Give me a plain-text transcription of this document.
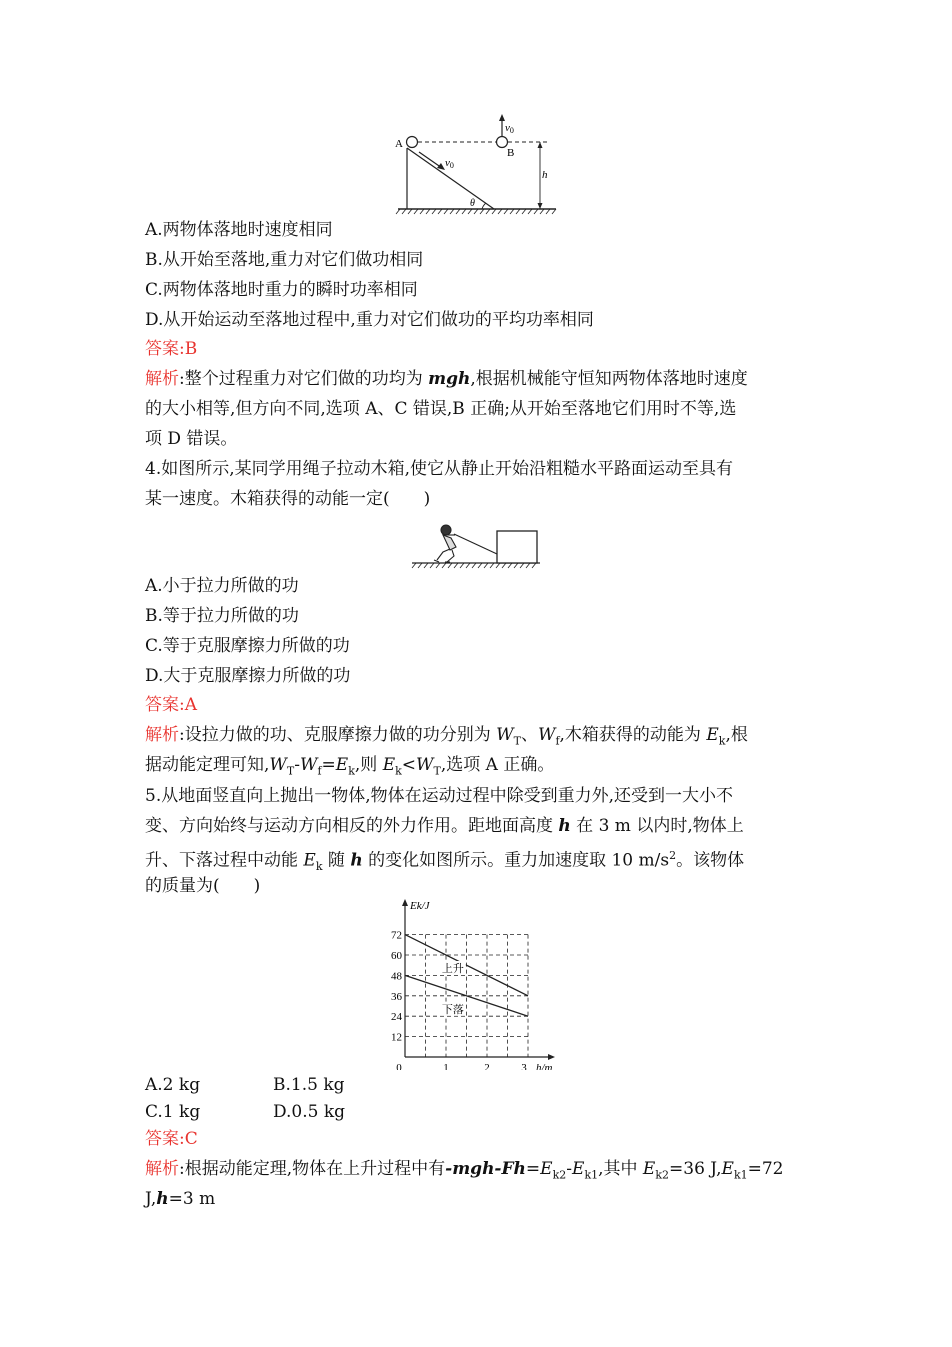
A
B
v0
v0
h
θ
A.两物体落地时速度相同
B.从开始至落地,重力对它们做功相同
C.两物体落地时重力的瞬时功率相同
D.从开始运动至落地过程中,重力对它们做功的平均功率相同
答案:B
解析:整个过程重力对它们做的功均为 mgh,根据机械能守恒知两物体落地时速度
的大小相等,但方向不同,选项 A、C 错误,B 正确;从开始至落地它们用时不等,选
项 D 错误。
4.如图所示,某同学用绳子拉动木箱,使它从静止开始沿粗糙水平路面运动至具有
某一速度。木箱获得的动能一定(　　)
A.小于拉力所做的功
B.等于拉力所做的功
C.等于克服摩擦力所做的功
D.大于克服摩擦力所做的功
答案:A
解析:设拉力做的功、克服摩擦力做的功分别为 $W_T$、$W_f$,木箱获得的动能为 $E_k$,根
据动能定理可知$,W_T-W_f=E_k$,则 $E_k<W_T$,选项 A 正确。
5.从地面竖直向上抛出一物体,物体在运动过程中除受到重力外,还受到一大小不
变、方向始终与运动方向相反的外力作用。距地面高度 h 在 3 m 以内时,物体上
升、下落过程中动能 $E_k$ 随 h 的变化如图所示。重力加速度取 10 $m/s^2$。该物体
的质量为(　　)
12
24
36
48
60
72
0	1	2	3
Ek/J
h/m
上升
下落
A.2 kg	B.1.5 kg
C.1 kg	D.0.5 kg
答案:C
解析:根据动能定理,物体在上升过程中有$-mgh-Fh=E_{k2}-E_{k1}$,其中 $E_{k2}=36$ $J,E_{k1}=72$
J,h=3 m
